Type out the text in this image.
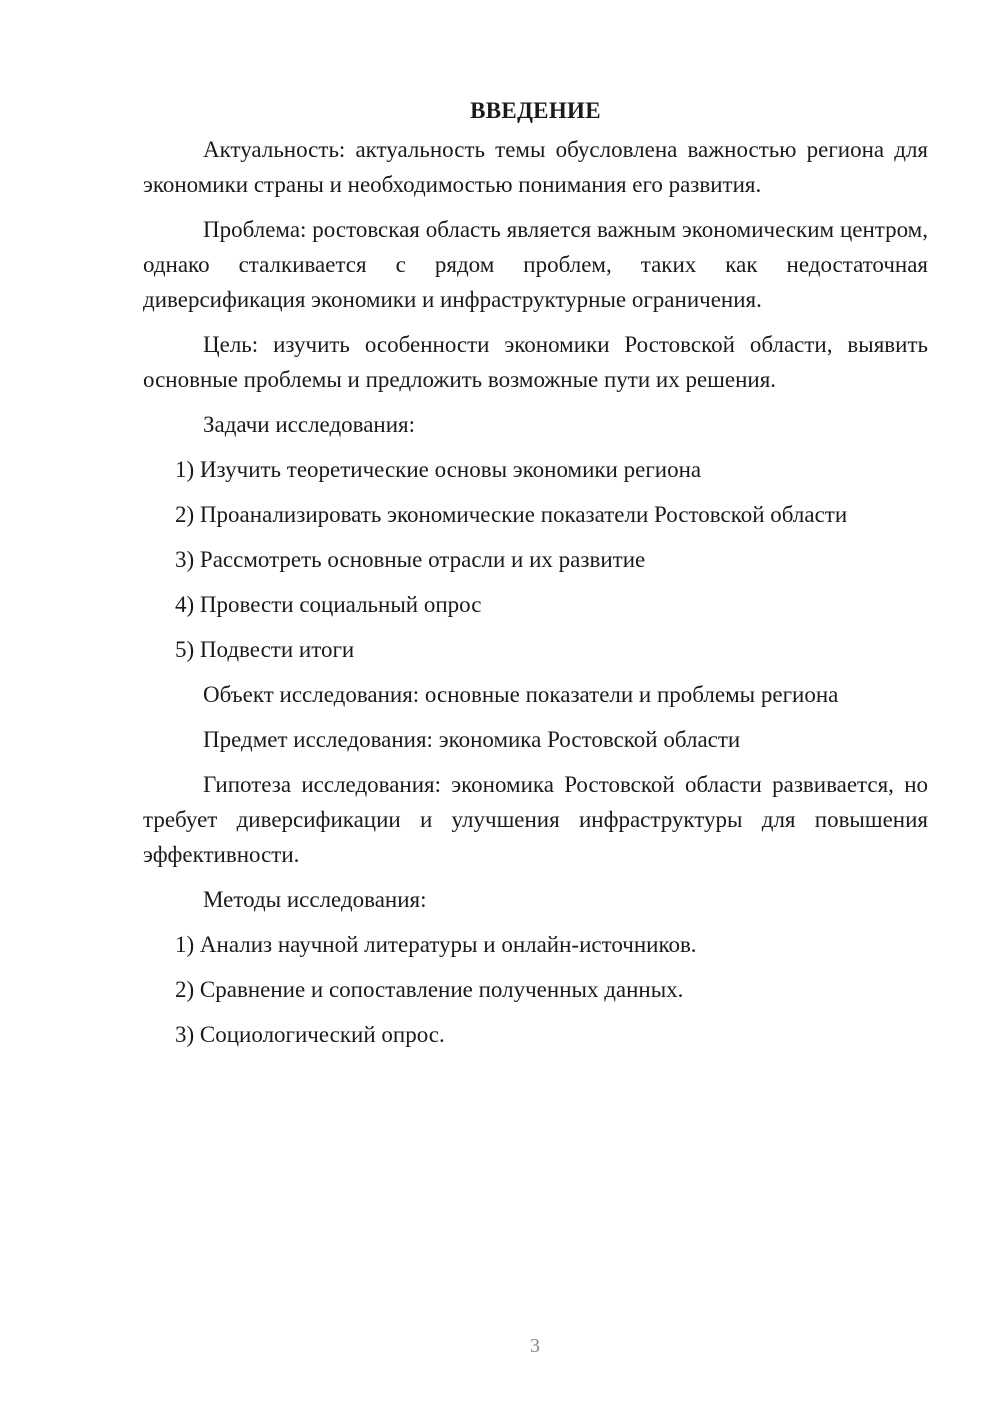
ВВЕДЕНИЕ

Актуальность: актуальность темы обусловлена важностью региона для экономики страны и необходимостью понимания его развития.

Проблема: ростовская область является важным экономическим центром, однако сталкивается с рядом проблем, таких как недостаточная диверсификация экономики и инфраструктурные ограничения.

Цель: изучить особенности экономики Ростовской области, выявить основные проблемы и предложить возможные пути их решения.

Задачи исследования:
1) Изучить теоретические основы экономики региона
2) Проанализировать экономические показатели Ростовской области
3) Рассмотреть основные отрасли и их развитие
4) Провести социальный опрос
5) Подвести итоги
Объект исследования: основные показатели и проблемы региона
Предмет исследования: экономика Ростовской области

Гипотеза исследования: экономика Ростовской области развивается, но требует диверсификации и улучшения инфраструктуры для повышения эффективности.

Методы исследования:
1) Анализ научной литературы и онлайн-источников.
2) Сравнение и сопоставление полученных данных.
3) Социологический опрос.
3
